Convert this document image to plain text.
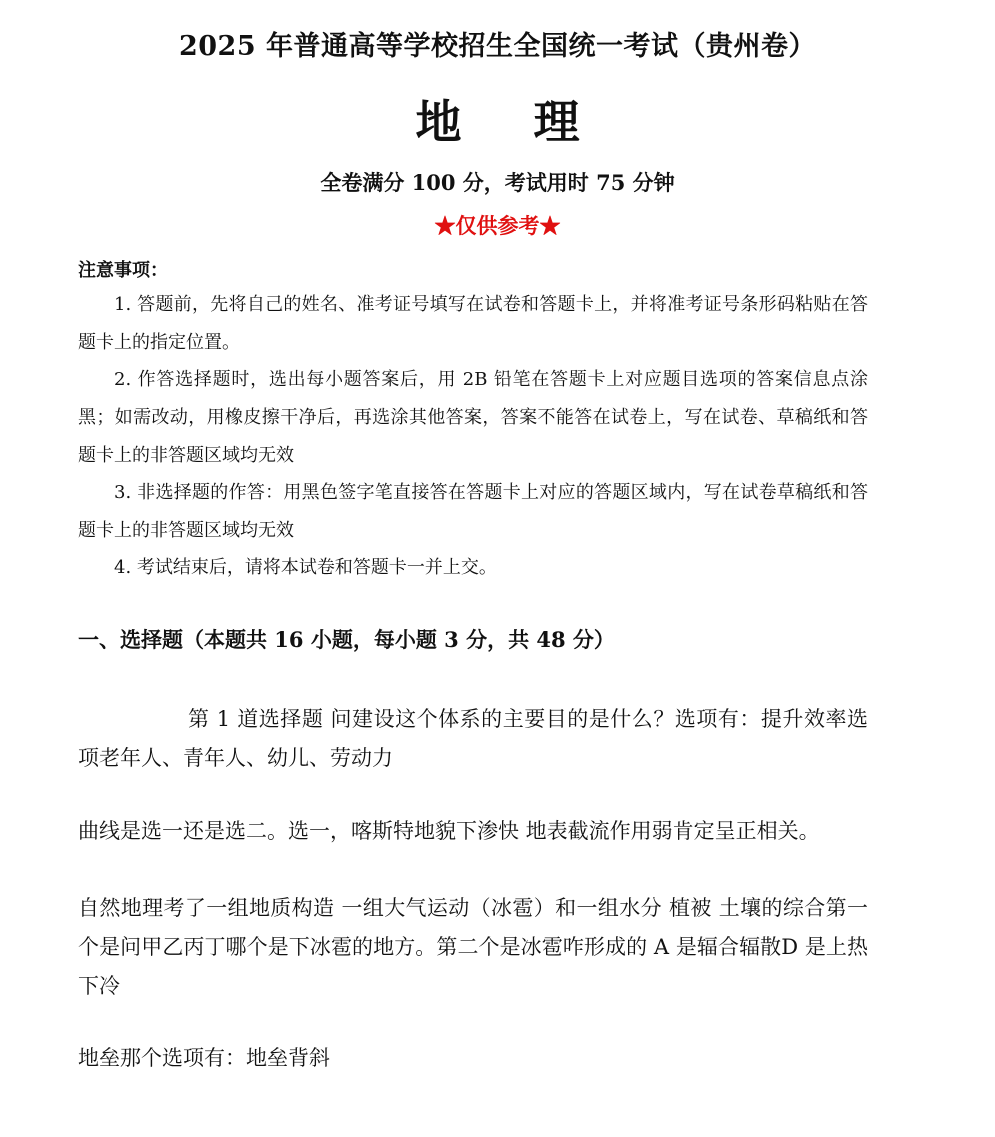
2025 年普通高等学校招生全国统一考试（贵州卷）
地 理
全卷满分 100 分，考试用时 75 分钟
★仅供参考★
注意事项：
1. 答题前，先将自己的姓名、准考证号填写在试卷和答题卡上，并将准考证号条形码粘贴在答题卡上的指定位置。
2. 作答选择题时，选出每小题答案后，用 2B 铅笔在答题卡上对应题目选项的答案信息点涂黑；如需改动，用橡皮擦干净后，再选涂其他答案，答案不能答在试卷上，写在试卷、草稿纸和答题卡上的非答题区域均无效
3. 非选择题的作答：用黑色签字笔直接答在答题卡上对应的答题区域内，写在试卷草稿纸和答题卡上的非答题区域均无效
4. 考试结束后，请将本试卷和答题卡一并上交。
一、选择题（本题共 16 小题，每小题 3 分，共 48 分）
第 1 道选择题 问建设这个体系的主要目的是什么？选项有：提升效率选项老年人、青年人、幼儿、劳动力
曲线是选一还是选二。选一，喀斯特地貌下渗快 地表截流作用弱肯定呈正相关。
自然地理考了一组地质构造 一组大气运动（冰雹）和一组水分 植被 土壤的综合第一个是问甲乙丙丁哪个是下冰雹的地方。第二个是冰雹咋形成的 A 是辐合辐散D 是上热下冷
地垒那个选项有：地垒背斜
